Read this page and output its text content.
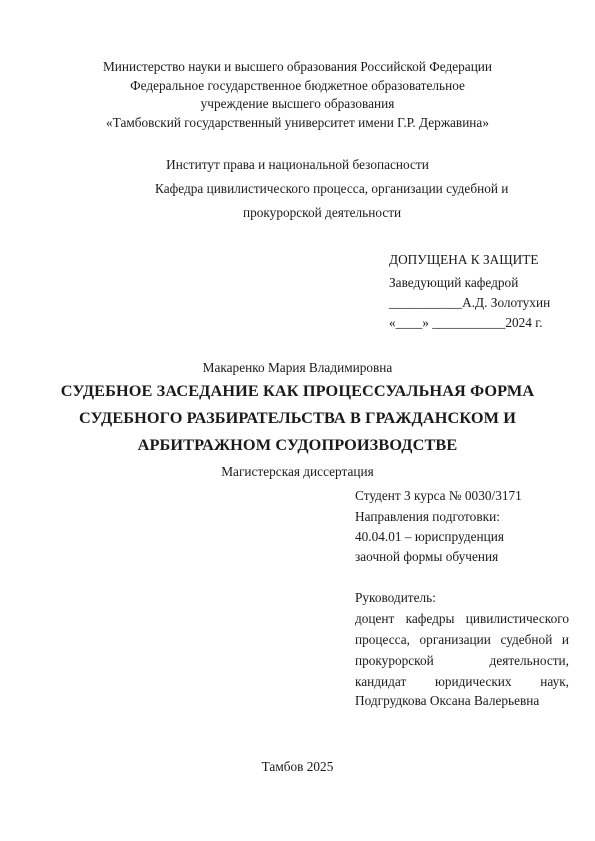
Министерство науки и высшего образования Российской Федерации
Федеральное государственное бюджетное образовательное
учреждение высшего образования
«Тамбовский государственный университет имени Г.Р. Державина»
Институт права и национальной безопасности
Кафедра цивилистического процесса, организации судебной и
прокурорской деятельности
ДОПУЩЕНА К ЗАЩИТЕ
Заведующий кафедрой
___________А.Д. Золотухин
«____» ___________2024 г.
Макаренко Мария Владимировна
СУДЕБНОЕ ЗАСЕДАНИЕ КАК ПРОЦЕССУАЛЬНАЯ ФОРМА
СУДЕБНОГО РАЗБИРАТЕЛЬСТВА В ГРАЖДАНСКОМ И
АРБИТРАЖНОМ СУДОПРОИЗВОДСТВЕ
Магистерская диссертация
Студент 3 курса № 0030/3171
Направления подготовки:
40.04.01 – юриспруденция
заочной формы обучения
Руководитель:
доцент кафедры цивилистического
процесса, организации судебной и
прокурорской деятельности,
кандидат юридических наук,
Подгрудкова Оксана Валерьевна
Тамбов 2025
